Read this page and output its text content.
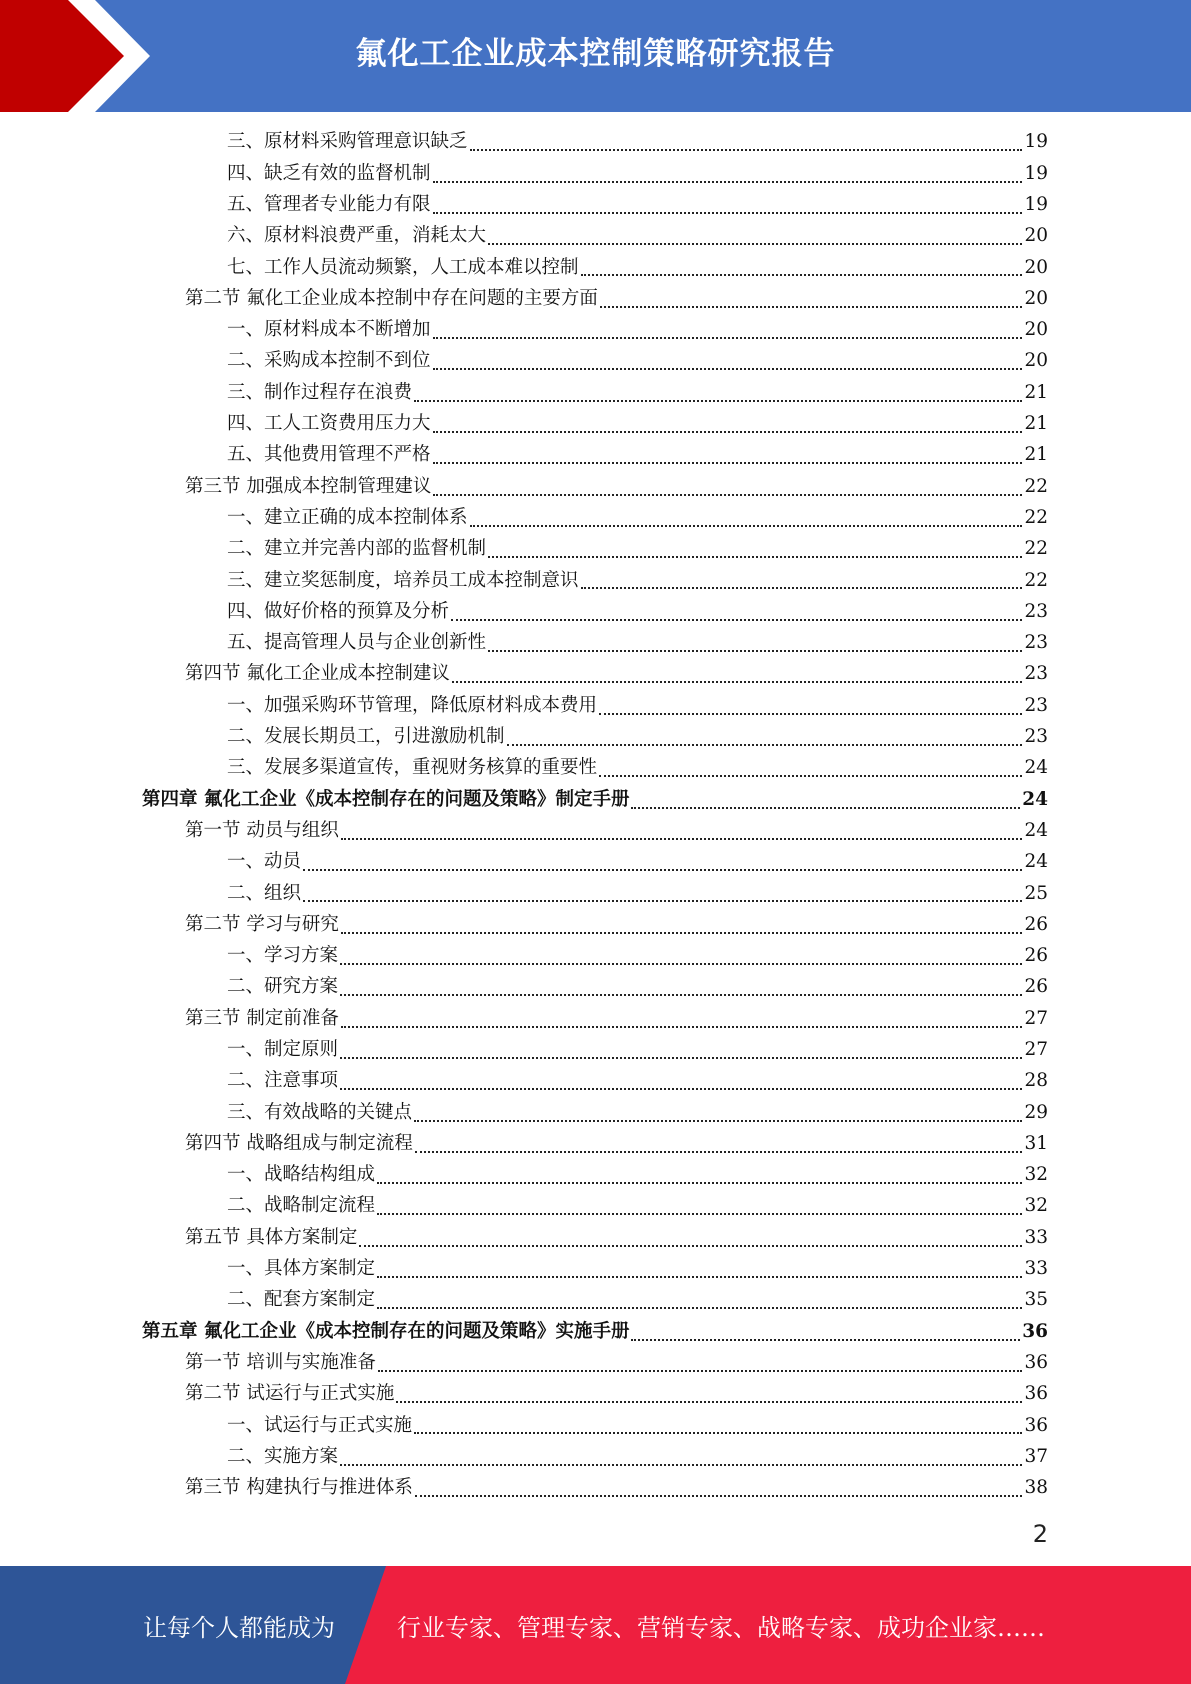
氟化工企业成本控制策略研究报告
三、原材料采购管理意识缺乏	19
四、缺乏有效的监督机制	19
五、管理者专业能力有限	19
六、原材料浪费严重，消耗太大	20
七、工作人员流动频繁，人工成本难以控制	20
第二节 氟化工企业成本控制中存在问题的主要方面	20
一、原材料成本不断增加	20
二、采购成本控制不到位	20
三、制作过程存在浪费	21
四、工人工资费用压力大	21
五、其他费用管理不严格	21
第三节 加强成本控制管理建议	22
一、建立正确的成本控制体系	22
二、建立并完善内部的监督机制	22
三、建立奖惩制度，培养员工成本控制意识	22
四、做好价格的预算及分析	23
五、提高管理人员与企业创新性	23
第四节 氟化工企业成本控制建议	23
一、加强采购环节管理，降低原材料成本费用	23
二、发展长期员工，引进激励机制	23
三、发展多渠道宣传，重视财务核算的重要性	24
第四章 氟化工企业《成本控制存在的问题及策略》制定手册	24
第一节 动员与组织	24
一、动员	24
二、组织	25
第二节 学习与研究	26
一、学习方案	26
二、研究方案	26
第三节 制定前准备	27
一、制定原则	27
二、注意事项	28
三、有效战略的关键点	29
第四节 战略组成与制定流程	31
一、战略结构组成	32
二、战略制定流程	32
第五节 具体方案制定	33
一、具体方案制定	33
二、配套方案制定	35
第五章 氟化工企业《成本控制存在的问题及策略》实施手册	36
第一节 培训与实施准备	36
第二节 试运行与正式实施	36
一、试运行与正式实施	36
二、实施方案	37
第三节 构建执行与推进体系	38
2
让每个人都能成为	行业专家、管理专家、营销专家、战略专家、成功企业家……
